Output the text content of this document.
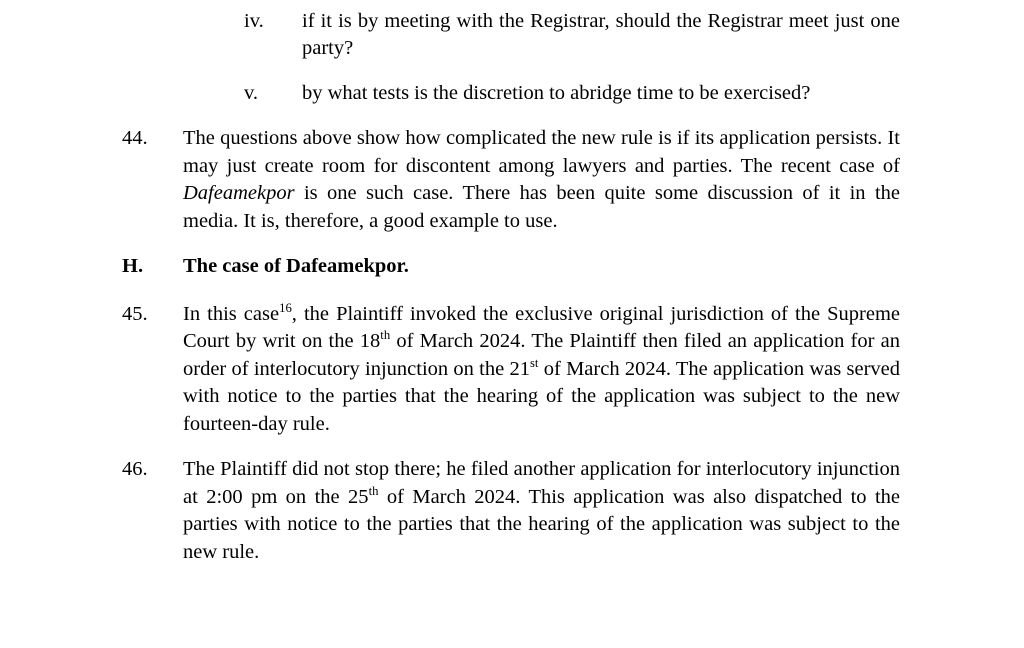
iv.	if it is by meeting with the Registrar, should the Registrar meet just one party?
v.	by what tests is the discretion to abridge time to be exercised?
44.	The questions above show how complicated the new rule is if its application persists. It may just create room for discontent among lawyers and parties. The recent case of Dafeamekpor is one such case. There has been quite some discussion of it in the media. It is, therefore, a good example to use.
H.	The case of Dafeamekpor.
45.	In this case$^{16}$, the Plaintiff invoked the exclusive original jurisdiction of the Supreme Court by writ on the 18th of March 2024. The Plaintiff then filed an application for an order of interlocutory injunction on the 21st of March 2024. The application was served with notice to the parties that the hearing of the application was subject to the new fourteen-day rule.
46.	The Plaintiff did not stop there; he filed another application for interlocutory injunction at 2:00 pm on the 25th of March 2024. This application was also dispatched to the parties with notice to the parties that the hearing of the application was subject to the new rule.
